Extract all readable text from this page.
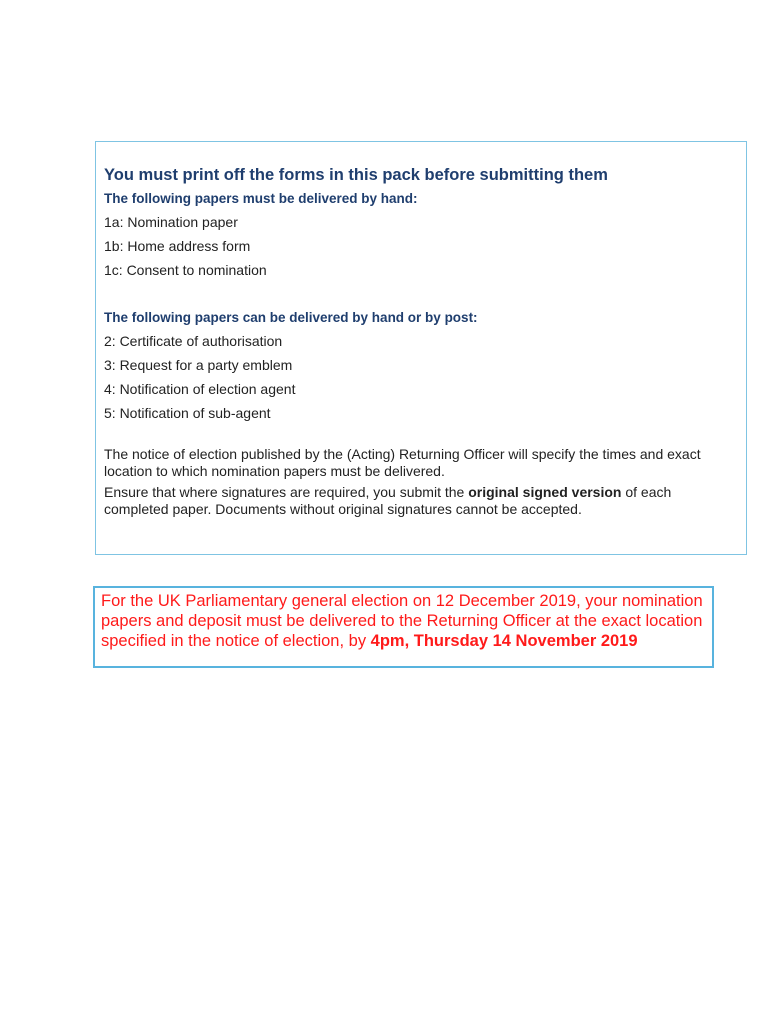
You must print off the forms in this pack before submitting them
The following papers must be delivered by hand:
1a: Nomination paper
1b: Home address form
1c: Consent to nomination
The following papers can be delivered by hand or by post:
2: Certificate of authorisation
3: Request for a party emblem
4: Notification of election agent
5: Notification of sub-agent

The notice of election published by the (Acting) Returning Officer will specify the times and exact location to which nomination papers must be delivered.

Ensure that where signatures are required, you submit the original signed version of each completed paper. Documents without original signatures cannot be accepted.

For the UK Parliamentary general election on 12 December 2019, your nomination papers and deposit must be delivered to the Returning Officer at the exact location specified in the notice of election, by 4pm, Thursday 14 November 2019
